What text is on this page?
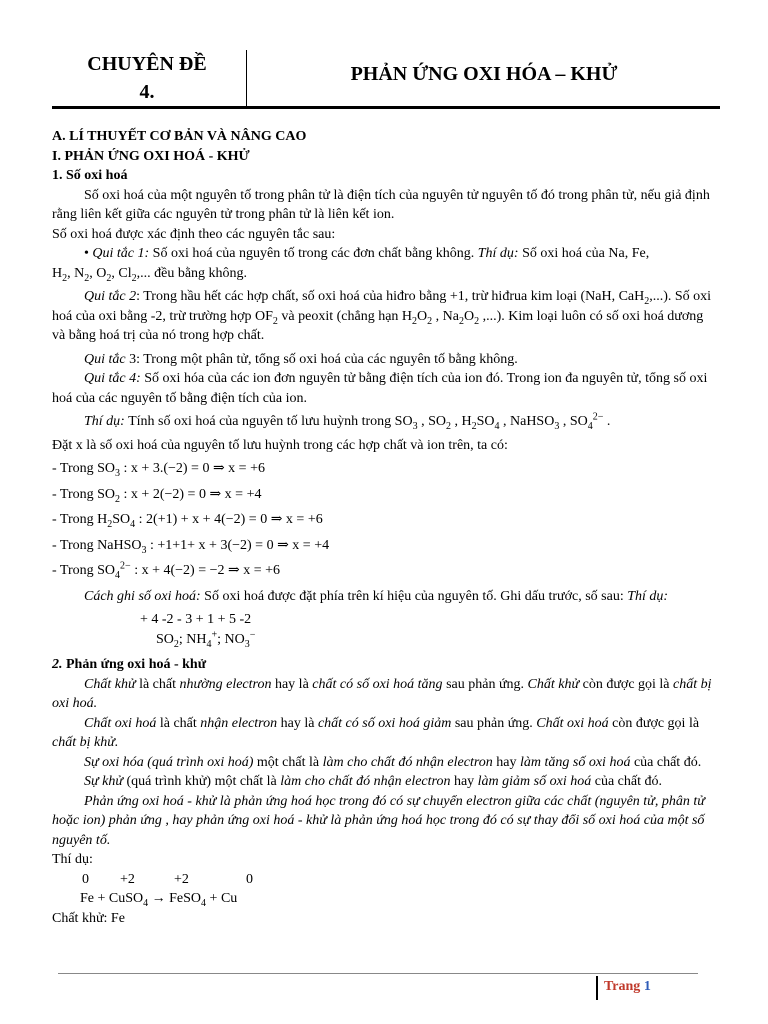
CHUYÊN ĐỀ
4.
PHẢN ỨNG OXI HÓA – KHỬ

A. LÍ THUYẾT CƠ BẢN VÀ NÂNG CAO

I. PHẢN ỨNG OXI HOÁ - KHỬ

1. Số oxi hoá

Số oxi hoá của một nguyên tố trong phân tử là điện tích của nguyên tử nguyên tố đó trong phân tử, nếu giả định rằng liên kết giữa các nguyên tử trong phân tử là liên kết ion.

Số oxi hoá được xác định theo các nguyên tắc sau:

• Qui tắc 1: Số oxi hoá của nguyên tố trong các đơn chất bằng không. Thí dụ: Số oxi hoá của Na, Fe,

$H_2$, $N_2$, $O_2$, $Cl_2$,... đều bằng không.

Qui tắc 2: Trong hầu hết các hợp chất, số oxi hoá của hiđro bằng +1, trừ hiđrua kim loại (NaH, CaH$_2$,...). Số oxi hoá của oxi bằng -2, trừ trường hợp $OF_2$ và peoxit (chẳng hạn $H_2O_2$ , $Na_2O_2$ ,...). Kim loại luôn có số oxi hoá dương và bằng hoá trị của nó trong hợp chất.

Qui tắc 3: Trong một phân tử, tổng số oxi hoá của các nguyên tố bằng không.

Qui tắc 4: Số oxi hóa của các ion đơn nguyên tử bằng điện tích của ion đó. Trong ion đa nguyên tử, tổng số oxi hoá của các nguyên tố bằng điện tích của ion.

Thí dụ: Tính số oxi hoá của nguyên tố lưu huỳnh trong $SO_3$ , $SO_2$ , $H_2SO_4$ , NaHSO$_3$ , $SO_4^{2-}$ .

Đặt x là số oxi hoá của nguyên tố lưu huỳnh trong các hợp chất và ion trên, ta có:

- Trong $SO_3$ : x + 3.(−2) = 0 ⇒ x = +6

- Trong $SO_2$ : x + 2(−2) = 0 ⇒ x = +4

- Trong $H_2SO_4$ : 2(+1) + x + 4(−2) = 0 ⇒ x = +6

- Trong NaHSO$_3$ : +1+1+ x + 3(−2) = 0 ⇒ x = +4

- Trong $SO_4^{2-}$ : x + 4(−2) = −2 ⇒ x = +6

Cách ghi số oxi hoá: Số oxi hoá được đặt phía trên kí hiệu của nguyên tố. Ghi dấu trước, số sau: Thí dụ:

+ 4 -2 - 3 + 1 + 5 -2

$SO_2$; $NH_4^+$; $NO_3^-$

2. Phản ứng oxi hoá - khử

Chất khử là chất nhường electron hay là chất có số oxi hoá tăng sau phản ứng. Chất khử còn được gọi là chất bị oxi hoá.

Chất oxi hoá là chất nhận electron hay là chất có số oxi hoá giảm sau phản ứng. Chất oxi hoá còn được gọi là chất bị khử.

Sự oxi hóa (quá trình oxi hoá) một chất là làm cho chất đó nhận electron hay làm tăng số oxi hoá của chất đó.

Sự khử (quá trình khử) một chất là làm cho chất đó nhận electron hay làm giảm số oxi hoá của chất đó.

Phản ứng oxi hoá - khử là phản ứng hoá học trong đó có sự chuyển electron giữa các chất (nguyên tử, phân tử hoặc ion) phản ứng , hay phản ứng oxi hoá - khử là phản ứng hoá học trong đó có sự thay đổi số oxi hoá của một số nguyên tố.

Thí dụ:

0 +2	+2	0

Fe + CuSO$_4$ → FeSO$_4$ + Cu

Chất khử: Fe

Trang 1
